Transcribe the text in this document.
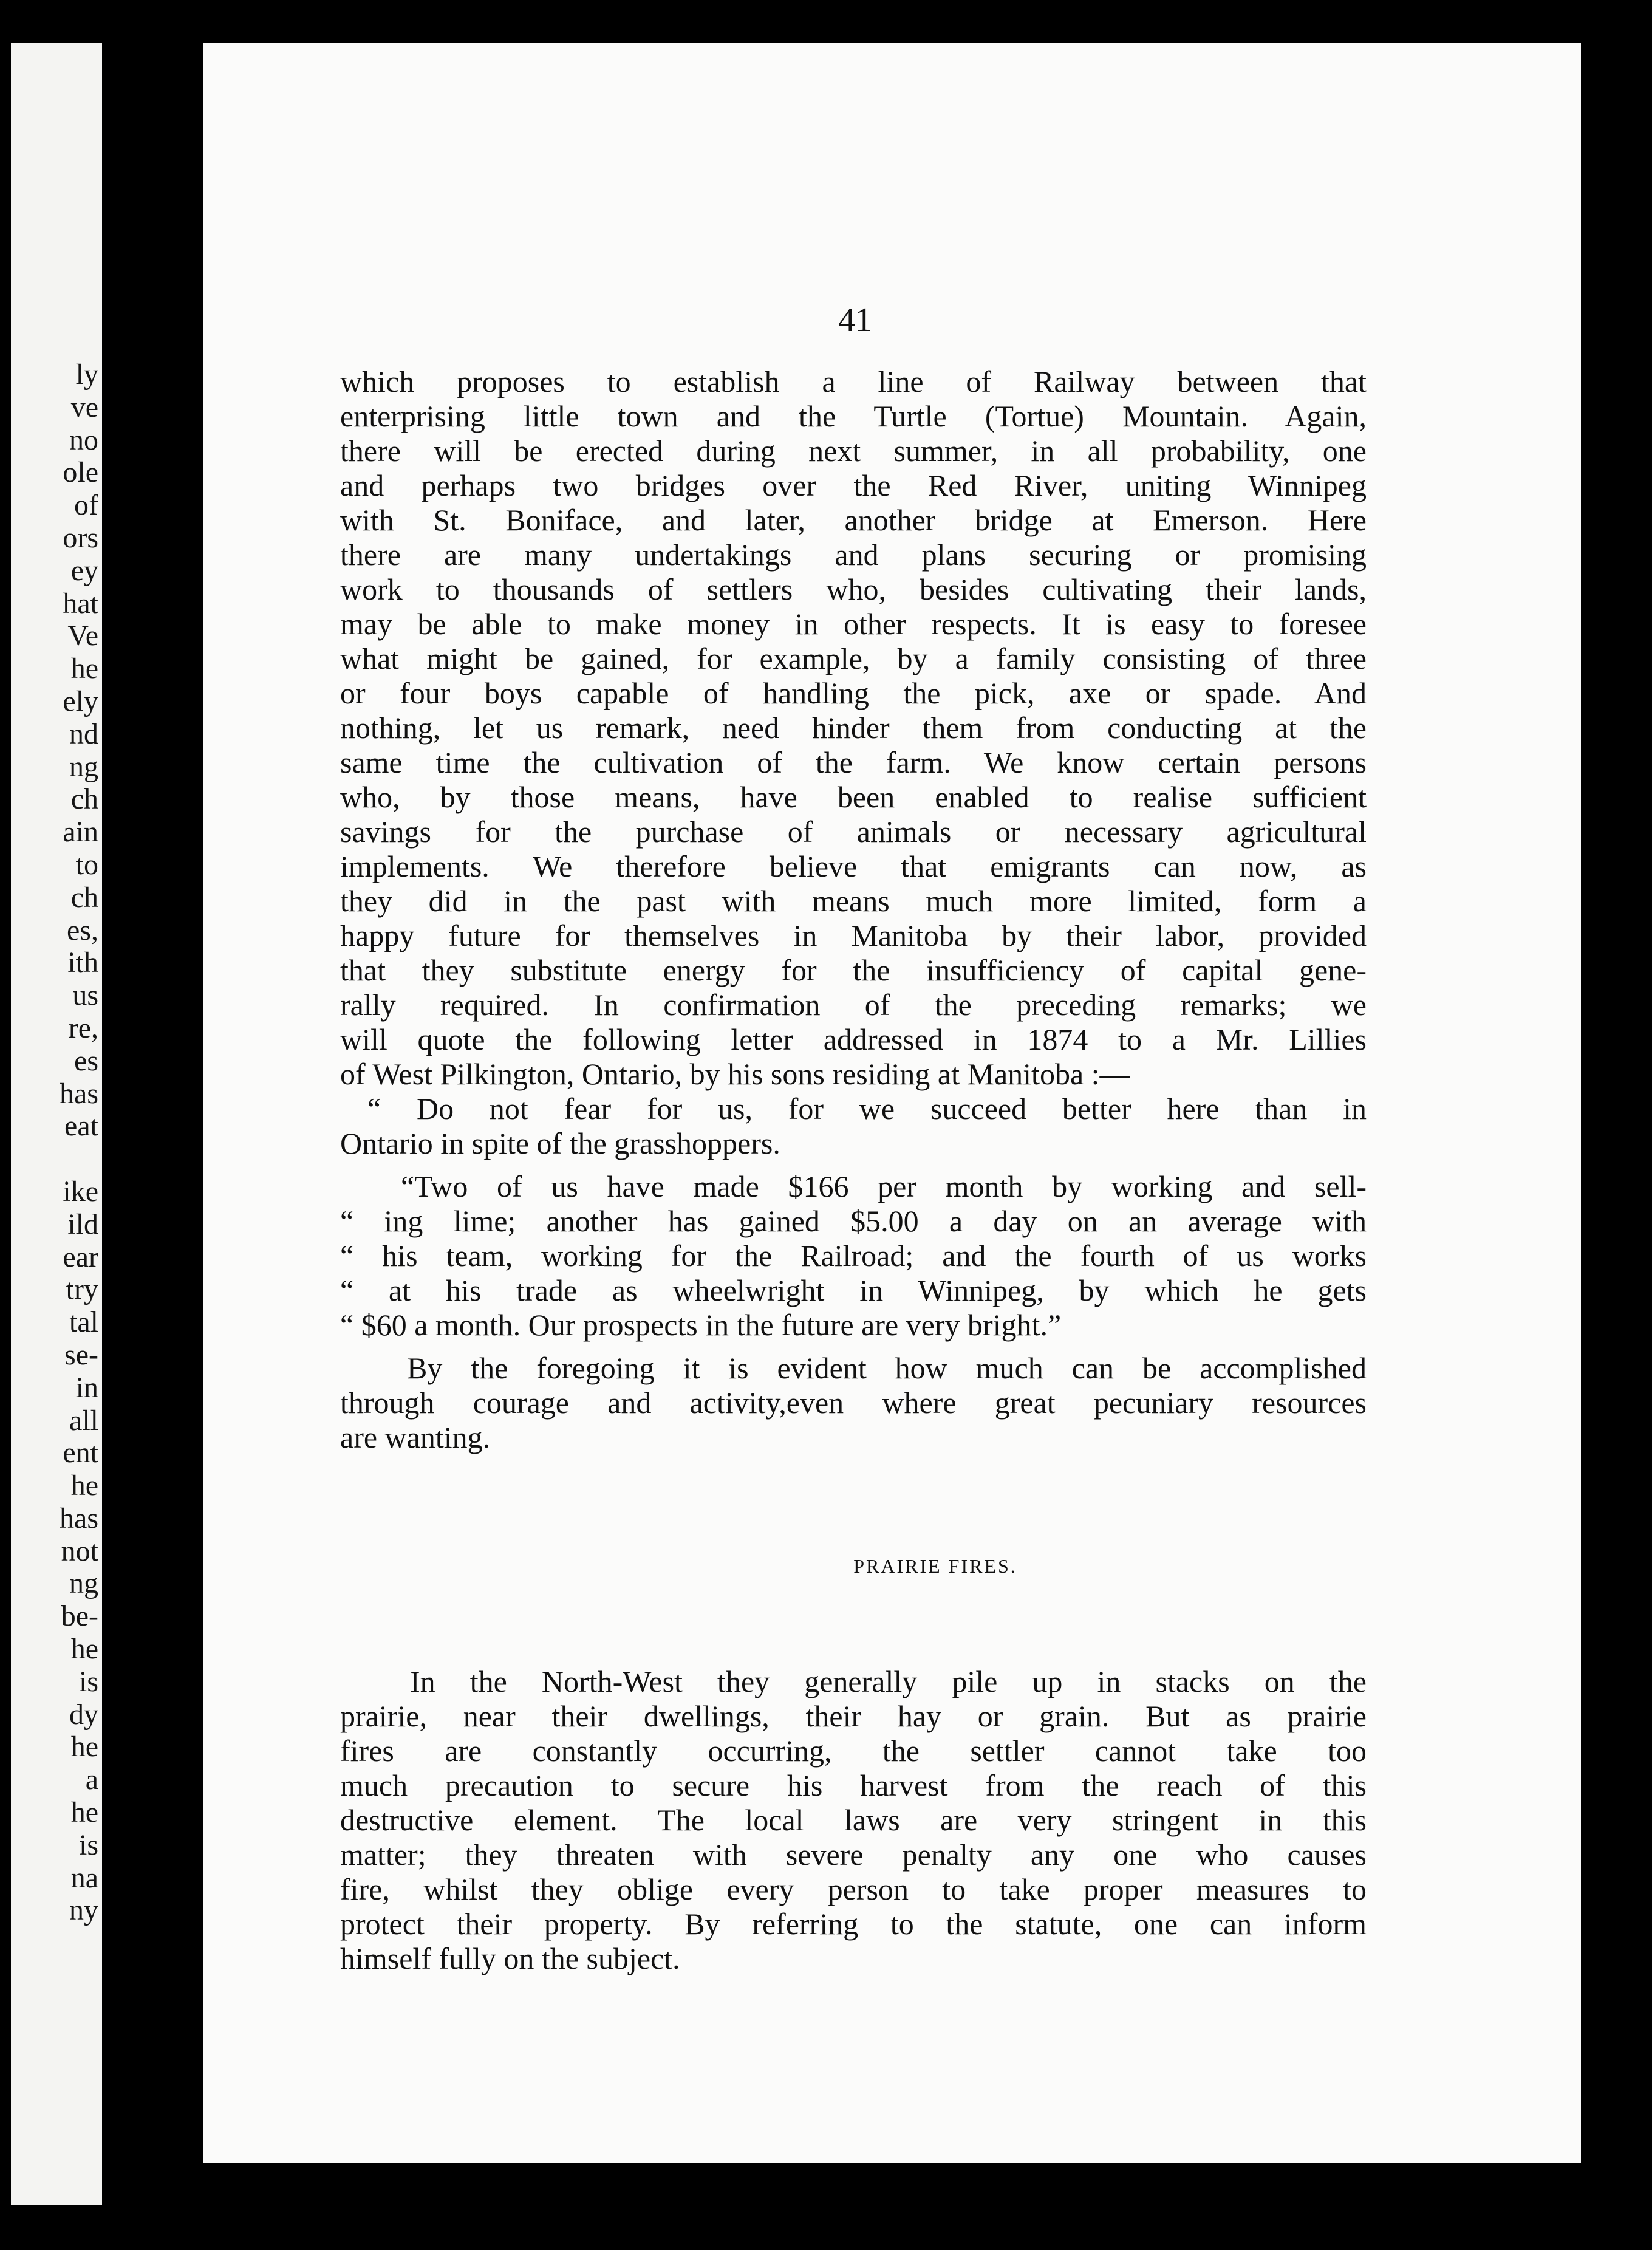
ly
ve
no
ole
of
ors
ey
hat
Ve
he
ely
nd
ng
ch
ain
to
ch
es,
ith
us
re,
es
has
eat

ike
ild
ear
try
tal
se-
in
all
ent
he
has
not
ng
be-
he
is
dy
he
a
he
is
na
ny
41
which proposes to establish a line of Railway between that
enterprising little town and the Turtle (Tortue) Mountain. Again,
there will be erected during next summer, in all probability, one
and perhaps two bridges over the Red River, uniting Winnipeg
with St. Boniface, and later, another bridge at Emerson. Here
there are many undertakings and plans securing or promising
work to thousands of settlers who, besides cultivating their lands,
may be able to make money in other respects. It is easy to foresee
what might be gained, for example, by a family consisting of three
or four boys capable of handling the pick, axe or spade. And
nothing, let us remark, need hinder them from conducting at the
same time the cultivation of the farm. We know certain persons
who, by those means, have been enabled to realise sufficient
savings for the purchase of animals or necessary agricultural
implements. We therefore believe that emigrants can now, as
they did in the past with means much more limited, form a
happy future for themselves in Manitoba by their labor, provided
that they substitute energy for the insufficiency of capital gene-
rally required. In confirmation of the preceding remarks; we
will quote the following letter addressed in 1874 to a Mr. Lillies
of West Pilkington, Ontario, by his sons residing at Manitoba :—
“ Do not fear for us, for we succeed better here than in
Ontario in spite of the grasshoppers.
“Two of us have made $166 per month by working and sell-
“ ing lime; another has gained $5.00 a day on an average with
“ his team, working for the Railroad; and the fourth of us works
“ at his trade as wheelwright in Winnipeg, by which he gets
“ $60 a month. Our prospects in the future are very bright.”
By the foregoing it is evident how much can be accomplished
through courage and activity,even where great pecuniary resources
are wanting.
PRAIRIE FIRES.
In the North-West they generally pile up in stacks on the
prairie, near their dwellings, their hay or grain. But as prairie
fires are constantly occurring, the settler cannot take too
much precaution to secure his harvest from the reach of this
destructive element. The local laws are very stringent in this
matter; they threaten with severe penalty any one who causes
fire, whilst they oblige every person to take proper measures to
protect their property. By referring to the statute, one can inform
himself fully on the subject.
